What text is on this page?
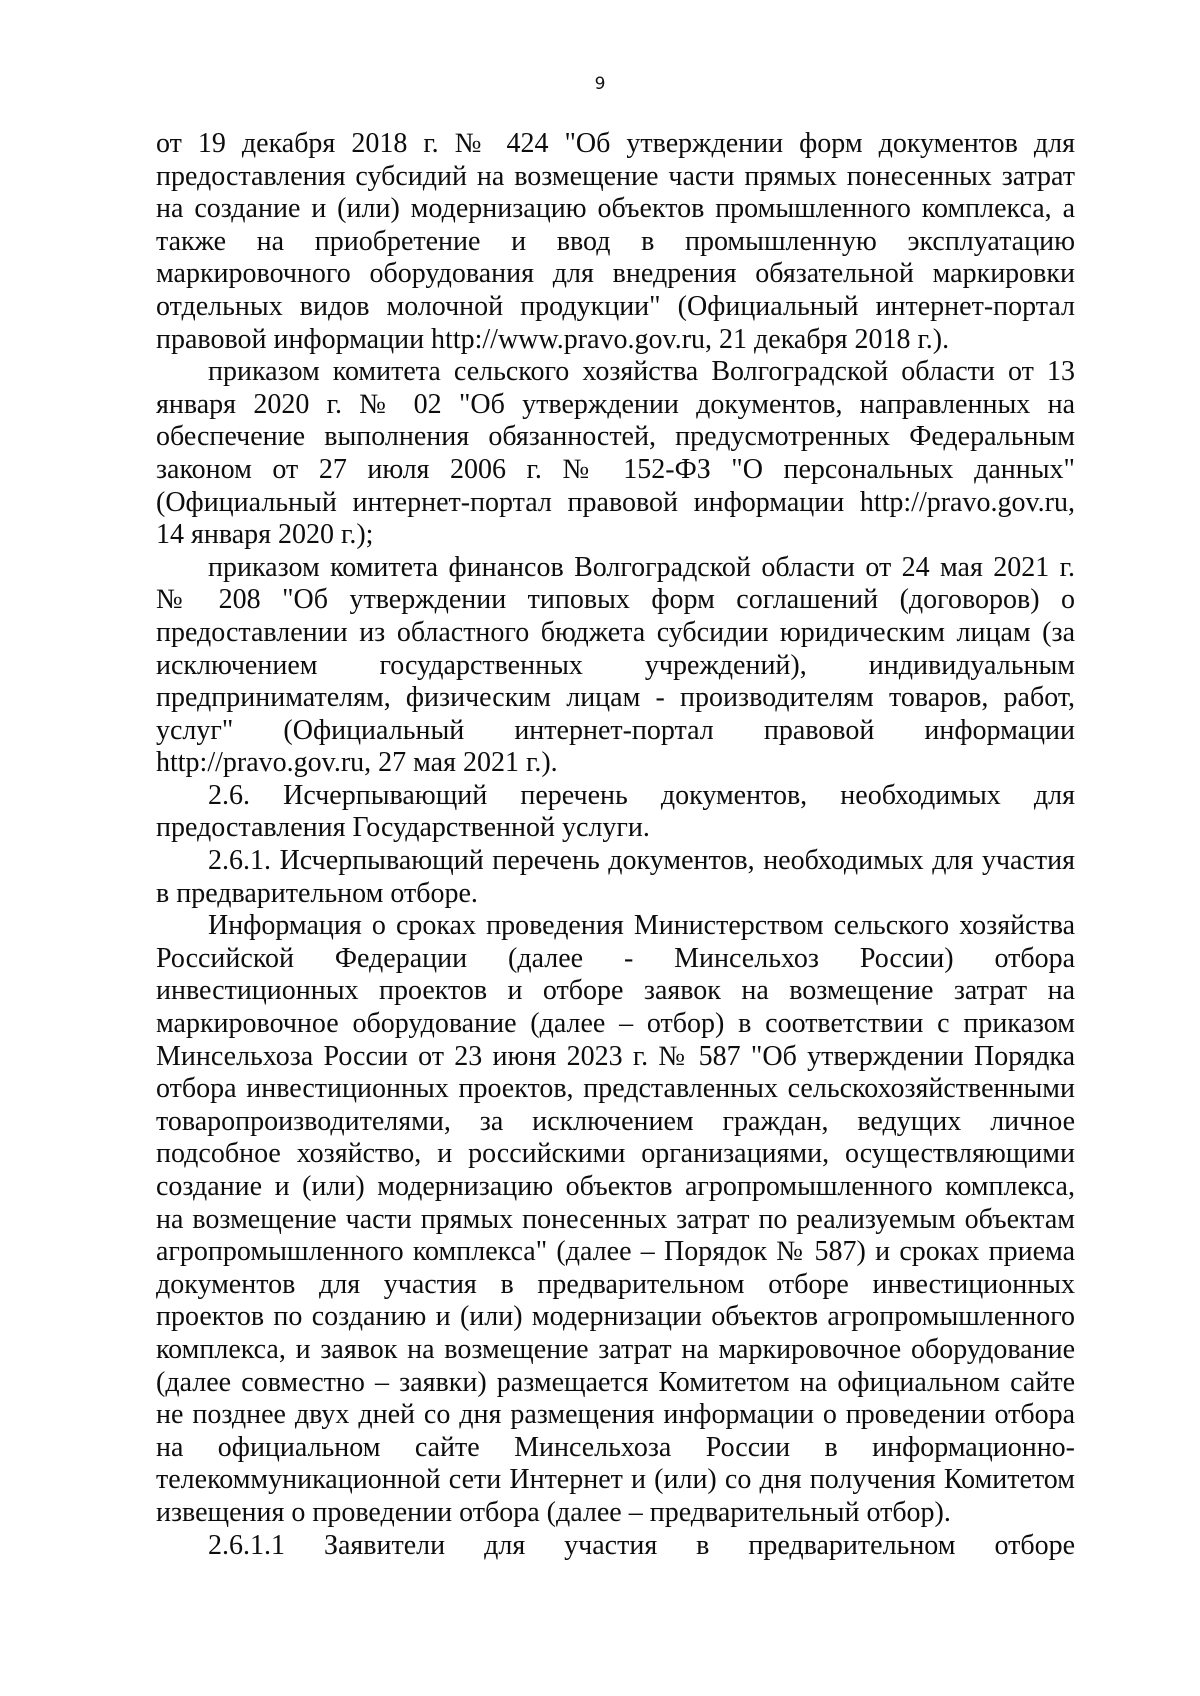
9

от 19 декабря 2018 г. № 424 "Об утверждении форм документов для предоставления субсидий на возмещение части прямых понесенных затрат на создание и (или) модернизацию объектов промышленного комплекса, а также на приобретение и ввод в промышленную эксплуатацию маркировочного оборудования для внедрения обязательной маркировки отдельных видов молочной продукции" (Официальный интернет-портал правовой информации http://www.pravo.gov.ru, 21 декабря 2018 г.).

приказом комитета сельского хозяйства Волгоградской области от 13 января 2020 г. № 02 "Об утверждении документов, направленных на обеспечение выполнения обязанностей, предусмотренных Федеральным законом от 27 июля 2006 г. № 152-ФЗ "О персональных данных" (Официальный интернет-портал правовой информации http://pravo.gov.ru, 14 января 2020 г.);

приказом комитета финансов Волгоградской области от 24 мая 2021 г. № 208 "Об утверждении типовых форм соглашений (договоров) о предоставлении из областного бюджета субсидии юридическим лицам (за исключением государственных учреждений), индивидуальным предпринимателям, физическим лицам - производителям товаров, работ, услуг" (Официальный интернет-портал правовой информации http://pravo.gov.ru, 27 мая 2021 г.).

2.6. Исчерпывающий перечень документов, необходимых для предоставления Государственной услуги.

2.6.1. Исчерпывающий перечень документов, необходимых для участия в предварительном отборе.

Информация о сроках проведения Министерством сельского хозяйства Российской Федерации (далее - Минсельхоз России) отбора инвестиционных проектов и отборе заявок на возмещение затрат на маркировочное оборудование (далее – отбор) в соответствии с приказом Минсельхоза России от 23 июня 2023 г. № 587 "Об утверждении Порядка отбора инвестиционных проектов, представленных сельскохозяйственными товаропроизводителями, за исключением граждан, ведущих личное подсобное хозяйство, и российскими организациями, осуществляющими создание и (или) модернизацию объектов агропромышленного комплекса, на возмещение части прямых понесенных затрат по реализуемым объектам агропромышленного комплекса" (далее – Порядок № 587) и сроках приема документов для участия в предварительном отборе инвестиционных проектов по созданию и (или) модернизации объектов агропромышленного комплекса, и заявок на возмещение затрат на маркировочное оборудование (далее совместно – заявки) размещается Комитетом на официальном сайте не позднее двух дней со дня размещения информации о проведении отбора на официальном сайте Минсельхоза России в информационно-телекоммуникационной сети Интернет и (или) со дня получения Комитетом извещения о проведении отбора (далее – предварительный отбор).

2.6.1.1 Заявители для участия в предварительном отборе
